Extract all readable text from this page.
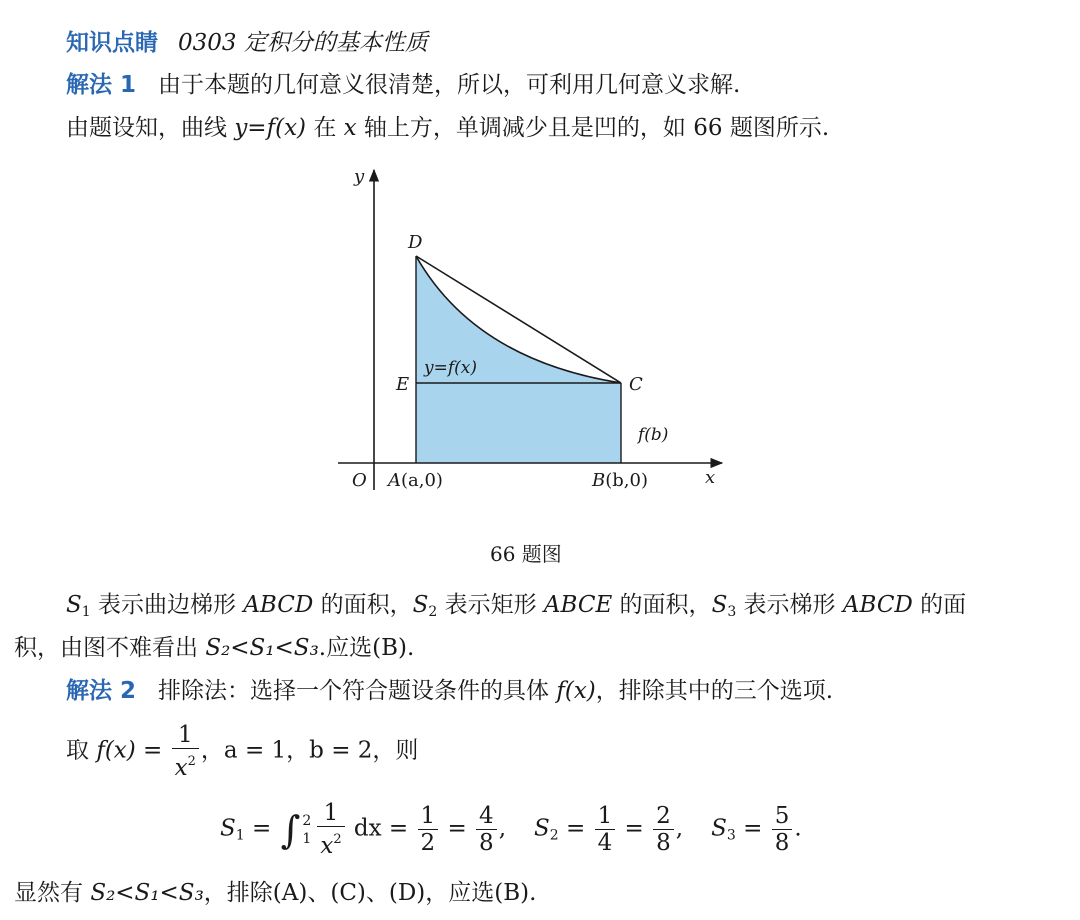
知识点睛 0303 定积分的基本性质
解法 1 由于本题的几何意义很清楚，所以，可利用几何意义求解.
由题设知，曲线 y=f(x) 在 x 轴上方，单调减少且是凹的，如 66 题图所示.
y
x
O
D
E	C
y=f(x)
f(b)
A(a,0)	B(b,0)
66 题图
$S_1$ 表示曲边梯形 ABCD 的面积，$S_2$ 表示矩形 ABCE 的面积，$S_3$ 表示梯形 ABCD 的面
积，由图不难看出 S₂<S₁<S₃.应选(B).
解法 2 排除法：选择一个符合题设条件的具体 f(x)，排除其中的三个选项.
取 $f(x) = \frac{1}{x^2}$ ，a = 1，b = 2，则
$S_1$ = ∫ 2
$1 \frac{1}{x^2}$ dx = $\frac{1}{2} = \frac{4}{8}$ , $S_2 = \frac{1}{4} = \frac{2}{8}$ , $S_3 = \frac{5}{8}$ .
显然有 S₂<S₁<S₃，排除(A)、(C)、(D)，应选(B).
